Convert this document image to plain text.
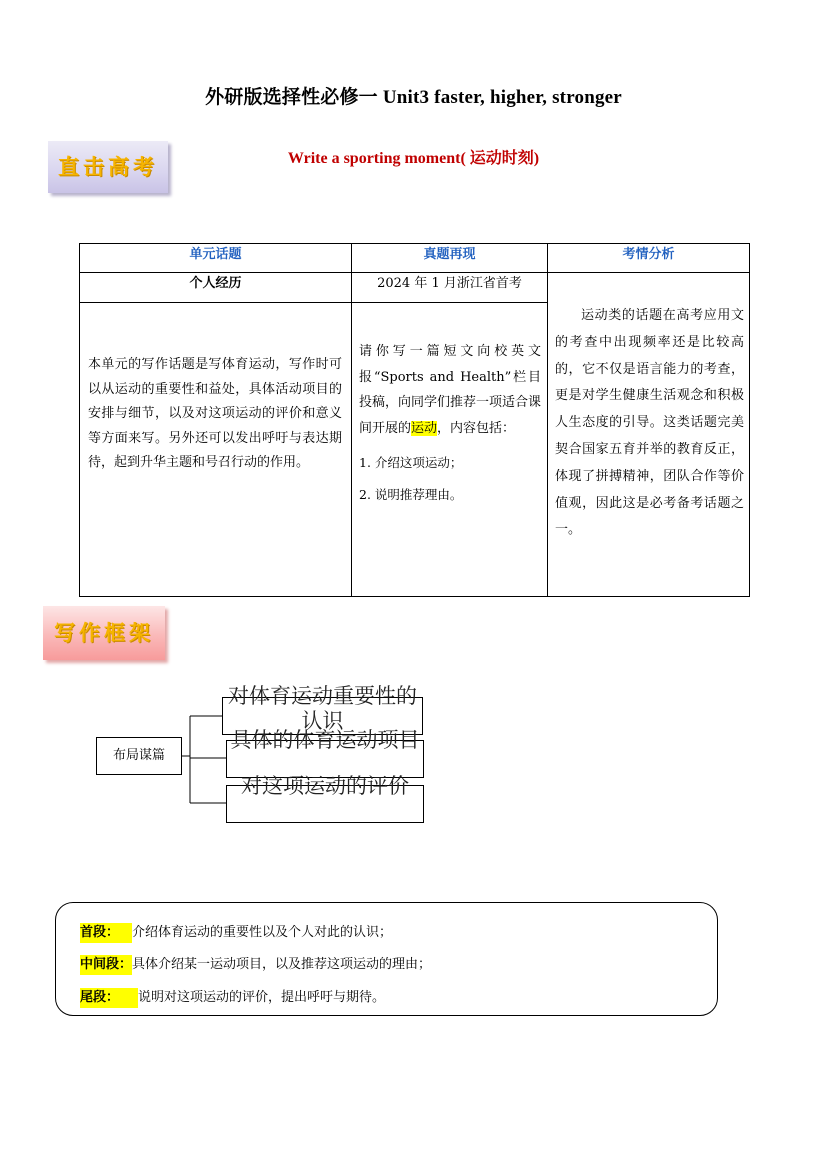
外研版选择性必修一 Unit3 faster, higher, stronger
Write a sporting moment( 运动时刻)
直击高考
单元话题	真题再现	考情分析
个人经历	2024 年 1 月浙江省首考	运动类的话题在高考应用文的考查中出现频率还是比较高的，它不仅是语言能力的考查，更是对学生健康生活观念和积极人生态度的引导。这类话题完美契合国家五育并举的教育反正，体现了拼搏精神，团队合作等价值观，因此这是必考备考话题之一。

本单元的写作话题是写体育运动，写作时可以从运动的重要性和益处，具体活动项目的安排与细节，以及对这项运动的评价和意义等方面来写。另外还可以发出呼吁与表达期待，起到升华主题和号召行动的作用。	请你写一篇短文向校英文报“Sports and Health”栏目投稿，向同学们推荐一项适合课间开展的运动，内容包括：
1. 介绍这项运动；
2. 说明推荐理由。	
写作框架
布局谋篇
对体育运动重要性的认识
具体的体育运动项目
对这项运动的评价
首段： 介绍体育运动的重要性以及个人对此的认识；
中间段：具体介绍某一运动项目，以及推荐这项运动的理由；
尾段： 说明对这项运动的评价，提出呼吁与期待。
